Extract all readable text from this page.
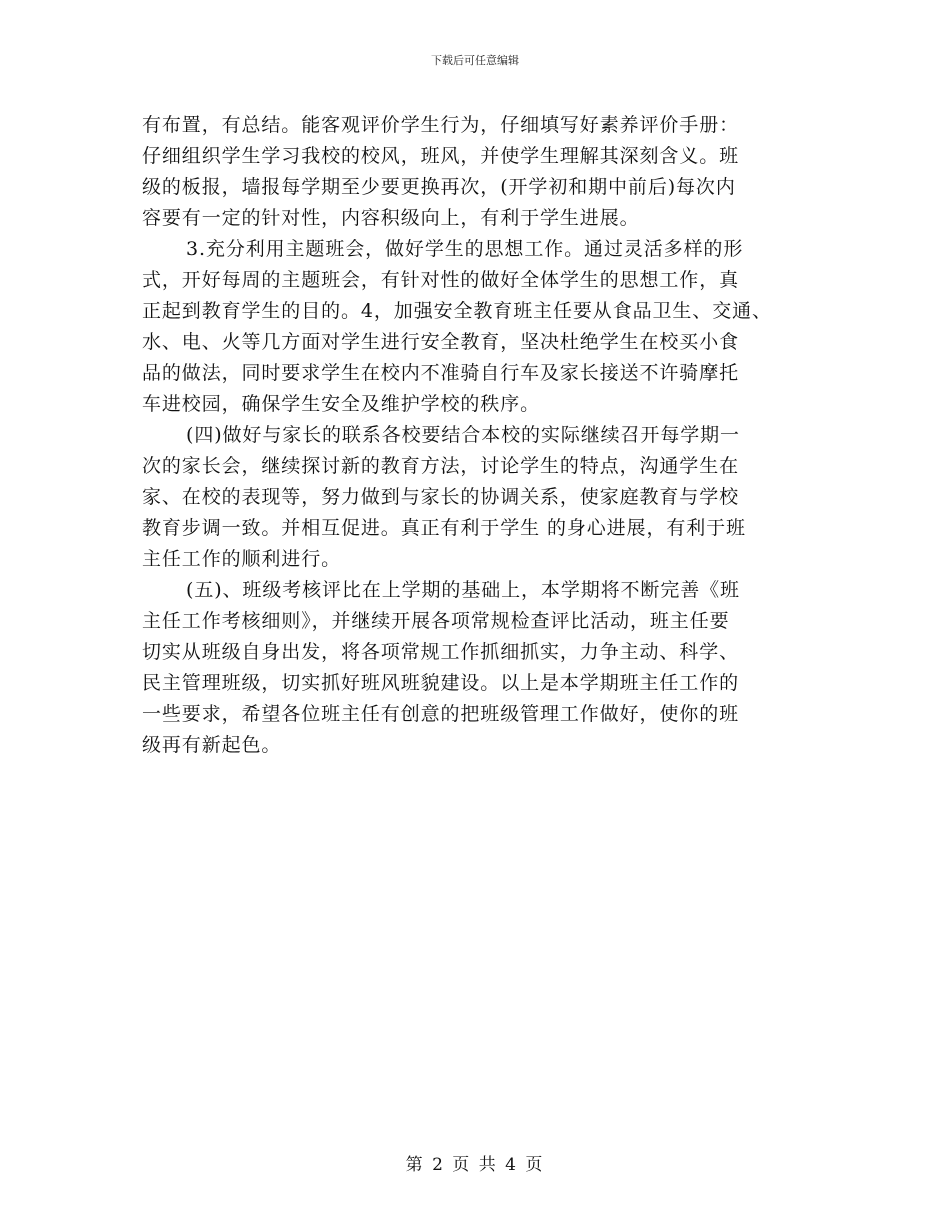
下载后可任意编辑
有布置，有总结。能客观评价学生行为，仔细填写好素养评价手册：
仔细组织学生学习我校的校风，班风，并使学生理解其深刻含义。班
级的板报，墙报每学期至少要更换再次，(开学初和期中前后)每次内
容要有一定的针对性，内容积级向上，有利于学生进展。
3.充分利用主题班会，做好学生的思想工作。通过灵活多样的形
式，开好每周的主题班会，有针对性的做好全体学生的思想工作，真
正起到教育学生的目的。4，加强安全教育班主任要从食品卫生、交通、
水、电、火等几方面对学生进行安全教育，坚决杜绝学生在校买小食
品的做法，同时要求学生在校内不准骑自行车及家长接送不许骑摩托
车进校园，确保学生安全及维护学校的秩序。
(四)做好与家长的联系各校要结合本校的实际继续召开每学期一
次的家长会，继续探讨新的教育方法，讨论学生的特点，沟通学生在
家、在校的表现等，努力做到与家长的协调关系，使家庭教育与学校
教育步调一致。并相互促进。真正有利于学生 的身心进展，有利于班
主任工作的顺利进行。
(五)、班级考核评比在上学期的基础上，本学期将不断完善《班
主任工作考核细则》，并继续开展各项常规检查评比活动，班主任要
切实从班级自身出发，将各项常规工作抓细抓实，力争主动、科学、
民主管理班级，切实抓好班风班貌建设。以上是本学期班主任工作的
一些要求，希望各位班主任有创意的把班级管理工作做好，使你的班
级再有新起色。
第 2 页 共 4 页
